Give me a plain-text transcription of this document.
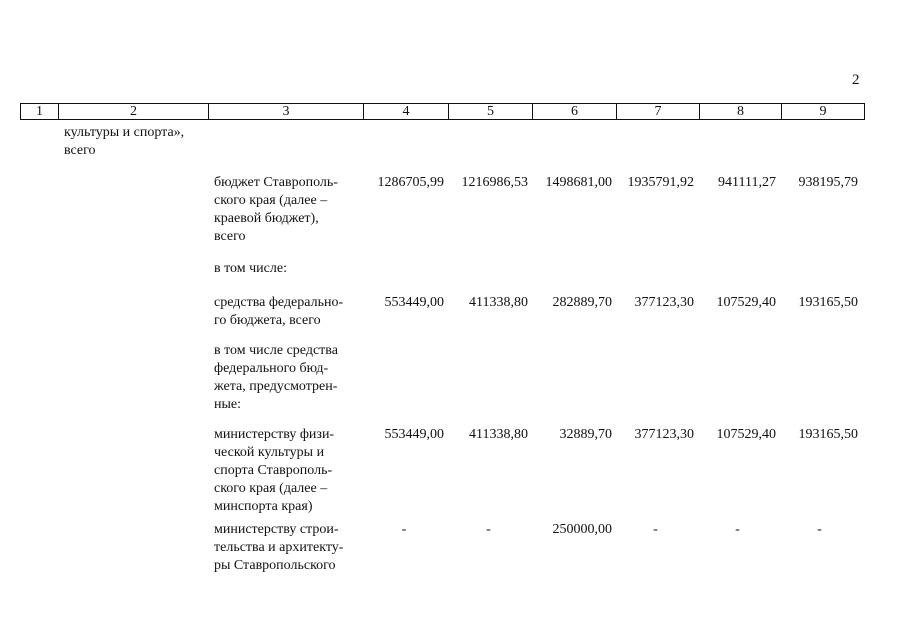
2
1	2	3	4	5	6	7	8	9
культуры и спорта»,
всего
бюджет Ставрополь-
ского края (далее –
краевой бюджет),
всего
1286705,99	1216986,53	1498681,00	1935791,92	941111,27	938195,79
в том числе:
средства федерально-
го бюджета, всего
553449,00	411338,80	282889,70	377123,30	107529,40	193165,50
в том числе средства
федерального бюд-
жета, предусмотрен-
ные:
министерству физи-
ческой культуры и
спорта Ставрополь-
ского края (далее –
минспорта края)
553449,00	411338,80	32889,70	377123,30	107529,40	193165,50
министерству строи-
тельства и архитекту-
ры Ставропольского
-	-	250000,00	-	-	-
